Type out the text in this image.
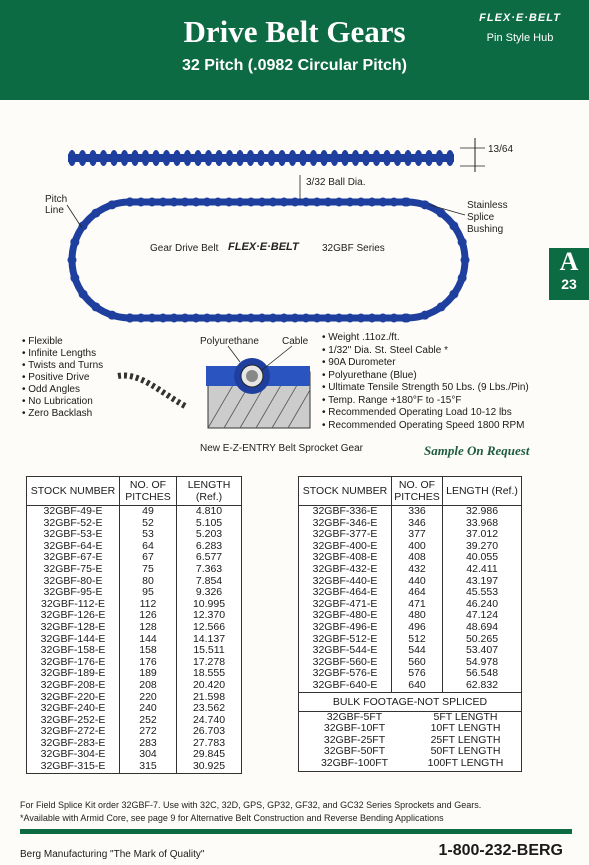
Drive Belt Gears
32 Pitch (.0982 Circular Pitch)
FLEX·E·BELT
Pin Style Hub
A
23
13/64
3/32 Ball Dia.
Pitch Line	Stainless Splice Bushing
Gear Drive Belt FLEX·E·BELT 32GBF Series
Polyurethane Cable
New E-Z-ENTRY Belt Sprocket Gear
• Flexible
• Infinite Lengths
• Twists and Turns
• Positive Drive
• Odd Angles
• No Lubrication
• Zero Backlash
• Weight .11oz./ft.
• 1/32" Dia. St. Steel Cable *
• 90A Durometer
• Polyurethane (Blue)
• Ultimate Tensile Strength 50 Lbs. (9 Lbs./Pin)
• Temp. Range +180°F to -15°F
• Recommended Operating Load 10-12 lbs
• Recommended Operating Speed 1800 RPM
Sample On Request
STOCK NUMBER	NO. OF PITCHES	LENGTH (Ref.)
32GBF-49-E	49	4.810
32GBF-52-E	52	5.105
32GBF-53-E	53	5.203
32GBF-64-E	64	6.283
32GBF-67-E	67	6.577
32GBF-75-E	75	7.363
32GBF-80-E	80	7.854
32GBF-95-E	95	9.326
32GBF-112-E	112	10.995
32GBF-126-E	126	12.370
32GBF-128-E	128	12.566
32GBF-144-E	144	14.137
32GBF-158-E	158	15.511
32GBF-176-E	176	17.278
32GBF-189-E	189	18.555
32GBF-208-E	208	20.420
32GBF-220-E	220	21.598
32GBF-240-E	240	23.562
32GBF-252-E	252	24.740
32GBF-272-E	272	26.703
32GBF-283-E	283	27.783
32GBF-304-E	304	29.845
32GBF-315-E	315	30.925
STOCK NUMBER	NO. OF PITCHES	LENGTH (Ref.)
32GBF-336-E	336	32.986
32GBF-346-E	346	33.968
32GBF-377-E	377	37.012
32GBF-400-E	400	39.270
32GBF-408-E	408	40.055
32GBF-432-E	432	42.411
32GBF-440-E	440	43.197
32GBF-464-E	464	45.553
32GBF-471-E	471	46.240
32GBF-480-E	480	47.124
32GBF-496-E	496	48.694
32GBF-512-E	512	50.265
32GBF-544-E	544	53.407
32GBF-560-E	560	54.978
32GBF-576-E	576	56.548
32GBF-640-E	640	62.832
BULK FOOTAGE-NOT SPLICED
32GBF-5FT	5FT LENGTH
32GBF-10FT	10FT LENGTH
32GBF-25FT	25FT LENGTH
32GBF-50FT	50FT LENGTH
32GBF-100FT	100FT LENGTH
For Field Splice Kit order 32GBF-7. Use with 32C, 32D, GPS, GP32, GF32, and GC32 Series Sprockets and Gears.
*Available with Armid Core, see page 9 for Alternative Belt Construction and Reverse Bending Applications
Berg Manufacturing "The Mark of Quality"	1-800-232-BERG
